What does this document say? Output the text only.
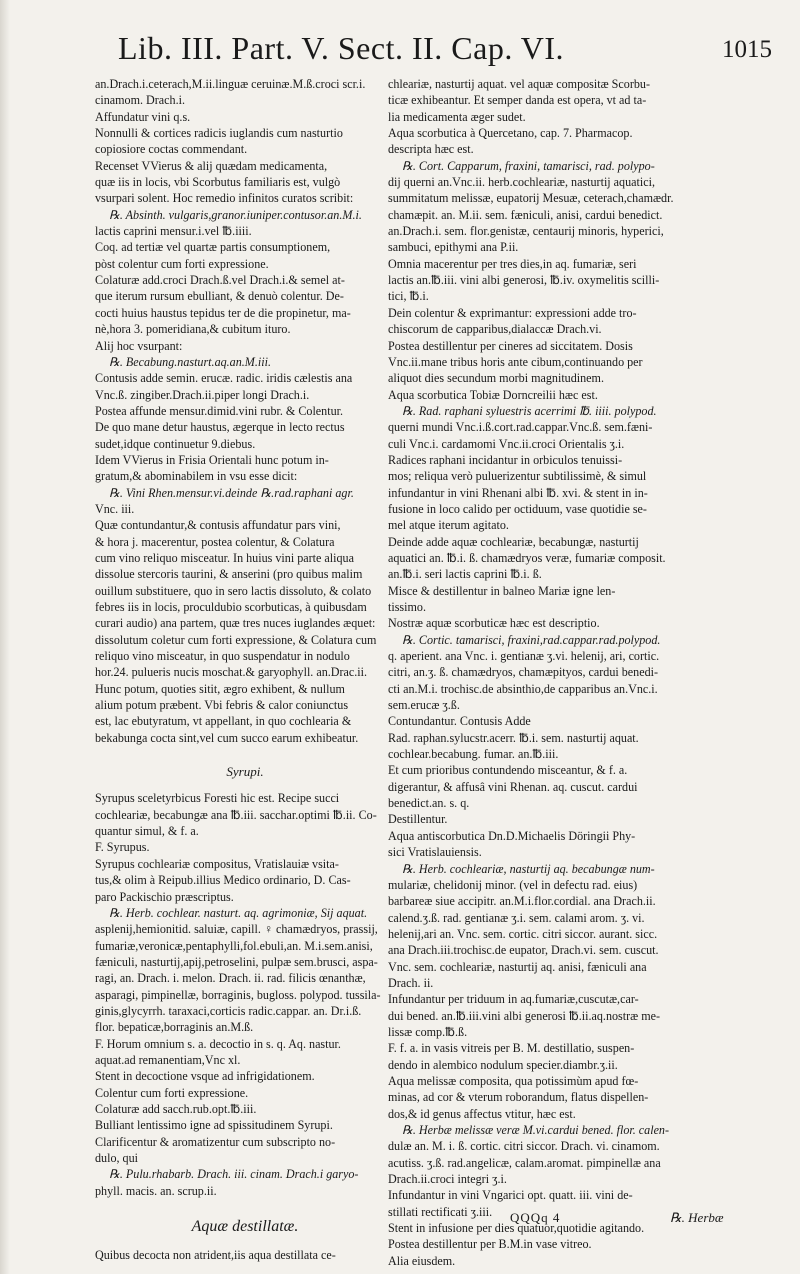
Lib. III. Part. V. Sect. II. Cap. VI.	1015
an.Drach.i.ceterach,M.ii.linguæ ceruinæ.M.ß.croci scr.i.
cinamom. Drach.i.
Affundatur vini q.s.
Nonnulli & cortices radicis iuglandis cum nasturtio
copiosiore coctas commendant.
Recenset VVierus & alij quædam medicamenta,
quæ iis in locis, vbi Scorbutus familiaris est, vulgò
vsurpari solent. Hoc remedio infinitos curatos scribit:
℞. Absinth. vulgaris,granor.iuniper.contusor.an.M.i.
lactis caprini mensur.i.vel ℔.iiii.
Coq. ad tertiæ vel quartæ partis consumptionem,
pòst colentur cum forti expressione.
Colaturæ add.croci Drach.ß.vel Drach.i.& semel at-
que iterum rursum ebulliant, & denuò colentur. De-
cocti huius haustus tepidus ter de die propinetur, ma-
nè,hora 3. pomeridiana,& cubitum ituro.
Alij hoc vsurpant:
℞. Becabung.nasturt.aq.an.M.iii.
Contusis adde semin. erucæ. radic. iridis cælestis ana
Vnc.ß. zingiber.Drach.ii.piper longi Drach.i.
Postea affunde mensur.dimid.vini rubr. & Colentur.
De quo mane detur haustus, ægerque in lecto rectus
sudet,idque continuetur 9.diebus.
Idem VVierus in Frisia Orientali hunc potum in-
gratum,& abominabilem in vsu esse dicit:
℞. Vini Rhen.mensur.vi.deinde ℞.rad.raphani agr.
Vnc. iii.
Quæ contundantur,& contusis affundatur pars vini,
& hora j. macerentur, postea colentur, & Colatura
cum vino reliquo misceatur. In huius vini parte aliqua
dissolue stercoris taurini, & anserini (pro quibus malim
ouillum substituere, quo in sero lactis dissoluto, & colato
febres iis in locis, proculdubio scorbuticas, à quibusdam
curari audio) ana partem, quæ tres nuces iuglandes æquet:
dissolutum coletur cum forti expressione, & Colatura cum
reliquo vino misceatur, in quo suspendatur in nodulo
hor.24. pulueris nucis moschat.& garyophyll. an.Drac.ii.
Hunc potum, quoties sitit, ægro exhibent, & nullum
alium potum præbent. Vbi febris & calor coniunctus
est, lac ebutyratum, vt appellant, in quo cochlearia &
bekabunga cocta sint,vel cum succo earum exhibeatur.
Syrupi.
Syrupus sceletyrbicus Foresti hic est. Recipe succi
cochleariæ, becabungæ ana ℔.iii. sacchar.optimi ℔.ii. Co-
quantur simul, & f. a.
F. Syrupus.
Syrupus cochleariæ compositus, Vratislauiæ vsita-
tus,& olim à Reipub.illius Medico ordinario, D. Cas-
paro Packischio præscriptus.
℞. Herb. cochlear. nasturt. aq. agrimoniæ, Sij aquat.
asplenij,hemionitid. saluiæ, capill. ♀ chamædryos, prassij,
fumariæ,veronicæ,pentaphylli,fol.ebuli,an. M.i.sem.anisi,
fæniculi, nasturtij,apij,petroselini, pulpæ sem.brusci, aspa-
ragi, an. Drach. i. melon. Drach. ii. rad. filicis œnanthæ,
asparagi, pimpinellæ, borraginis, bugloss. polypod. tussila-
ginis,glycyrrh. taraxaci,corticis radic.cappar. an. Dr.i.ß.
flor. bepaticæ,borraginis an.M.ß.
F. Horum omnium s. a. decoctio in s. q. Aq. nastur.
aquat.ad remanentiam,Vnc xl.
Stent in decoctione vsque ad infrigidationem.
Colentur cum forti expressione.
Colaturæ add sacch.rub.opt.℔.iii.
Bulliant lentissimo igne ad spissitudinem Syrupi.
Clarificentur & aromatizentur cum subscripto no-
dulo, qui
℞. Pulu.rhabarb. Drach. iii. cinam. Drach.i garyo-
phyll. macis. an. scrup.ii.
Aquæ destillatæ.
Quibus decocta non atrident,iis aqua destillata ce-
chleariæ, nasturtij aquat. vel aquæ compositæ Scorbu-
ticæ exhibeantur. Et semper danda est opera, vt ad ta-
lia medicamenta æger sudet.
Aqua scorbutica à Quercetano, cap. 7. Pharmacop.
descripta hæc est.
℞. Cort. Capparum, fraxini, tamarisci, rad. polypo-
dij querni an.Vnc.ii. herb.cochleariæ, nasturtij aquatici,
summitatum melissæ, eupatorij Mesuæ, ceterach,chamædr.
chamæpit. an. M.ii. sem. fæniculi, anisi, cardui benedict.
an.Drach.i. sem. flor.genistæ, centaurij minoris, hyperici,
sambuci, epithymi ana P.ii.
Omnia macerentur per tres dies,in aq. fumariæ, seri
lactis an.℔.iii. vini albi generosi, ℔.iv. oxymelitis scilli-
tici, ℔.i.
Dein colentur & exprimantur: expressioni adde tro-
chiscorum de capparibus,dialaccæ Drach.vi.
Postea destillentur per cineres ad siccitatem. Dosis
Vnc.ii.mane tribus horis ante cibum,continuando per
aliquot dies secundum morbi magnitudinem.
Aqua scorbutica Tobiæ Dorncreilii hæc est.
℞. Rad. raphani syluestris acerrimi ℔. iiii. polypod.
querni mundi Vnc.i.ß.cort.rad.cappar.Vnc.ß. sem.fæni-
culi Vnc.i. cardamomi Vnc.ii.croci Orientalis ʒ.i.
Radices raphani incidantur in orbiculos tenuissi-
mos; reliqua verò puluerizentur subtilissimè, & simul
infundantur in vini Rhenani albi ℔. xvi. & stent in in-
fusione in loco calido per octiduum, vase quotidie se-
mel atque iterum agitato.
Deinde adde aquæ cochleariæ, becabungæ, nasturtij
aquatici an. ℔.i. ß. chamædryos veræ, fumariæ composit.
an.℔.i. seri lactis caprini ℔.i. ß.
Misce & destillentur in balneo Mariæ igne len-
tissimo.
Nostræ aquæ scorbuticæ hæc est descriptio.
℞. Cortic. tamarisci, fraxini,rad.cappar.rad.polypod.
q. aperient. ana Vnc. i. gentianæ ʒ.vi. helenij, ari, cortic.
citri, an.ʒ. ß. chamædryos, chamæpityos, cardui benedi-
cti an.M.i. trochisc.de absinthio,de capparibus an.Vnc.i.
sem.erucæ ʒ.ß.
Contundantur. Contusis Adde
Rad. raphan.sylucstr.acerr. ℔.i. sem. nasturtij aquat.
cochlear.becabung. fumar. an.℔.iii.
Et cum prioribus contundendo misceantur, & f. a.
digerantur, & affusâ vini Rhenan. aq. cuscut. cardui
benedict.an. s. q.
Destillentur.
Aqua antiscorbutica Dn.D.Michaelis Döringii Phy-
sici Vratislauiensis.
℞. Herb. cochleariæ, nasturtij aq. becabungæ num-
mulariæ, chelidonij minor. (vel in defectu rad. eius)
barbareæ siue accipitr. an.M.i.flor.cordial. ana Drach.ii.
calend.ʒ.ß. rad. gentianæ ʒ.i. sem. calami arom. ʒ. vi.
helenij,ari an. Vnc. sem. cortic. citri siccor. aurant. sicc.
ana Drach.iii.trochisc.de eupator, Drach.vi. sem. cuscut.
Vnc. sem. cochleariæ, nasturtij aq. anisi, fæniculi ana
Drach. ii.
Infundantur per triduum in aq.fumariæ,cuscutæ,car-
dui bened. an.℔.iii.vini albi generosi ℔.ii.aq.nostræ me-
lissæ comp.℔.ß.
F. f. a. in vasis vitreis per B. M. destillatio, suspen-
dendo in alembico nodulum specier.diambr.ʒ.ii.
Aqua melissæ composita, qua potissimùm apud fœ-
minas, ad cor & vterum roborandum, flatus dispellen-
dos,& id genus affectus vtitur, hæc est.
℞. Herbæ melissæ veræ M.vi.cardui bened. flor. calen-
dulæ an. M. i. ß. cortic. citri siccor. Drach. vi. cinamom.
acutiss. ʒ.ß. rad.angelicæ, calam.aromat. pimpinellæ ana
Drach.ii.croci integri ʒ.i.
Infundantur in vini Vngarici opt. quatt. iii. vini de-
stillati rectificati ʒ.iii.
Stent in infusione per dies quatuor,quotidie agitando.
Postea destillentur per B.M.in vase vitreo.
Alia eiusdem.
QQQq 4	℞. Herbæ
